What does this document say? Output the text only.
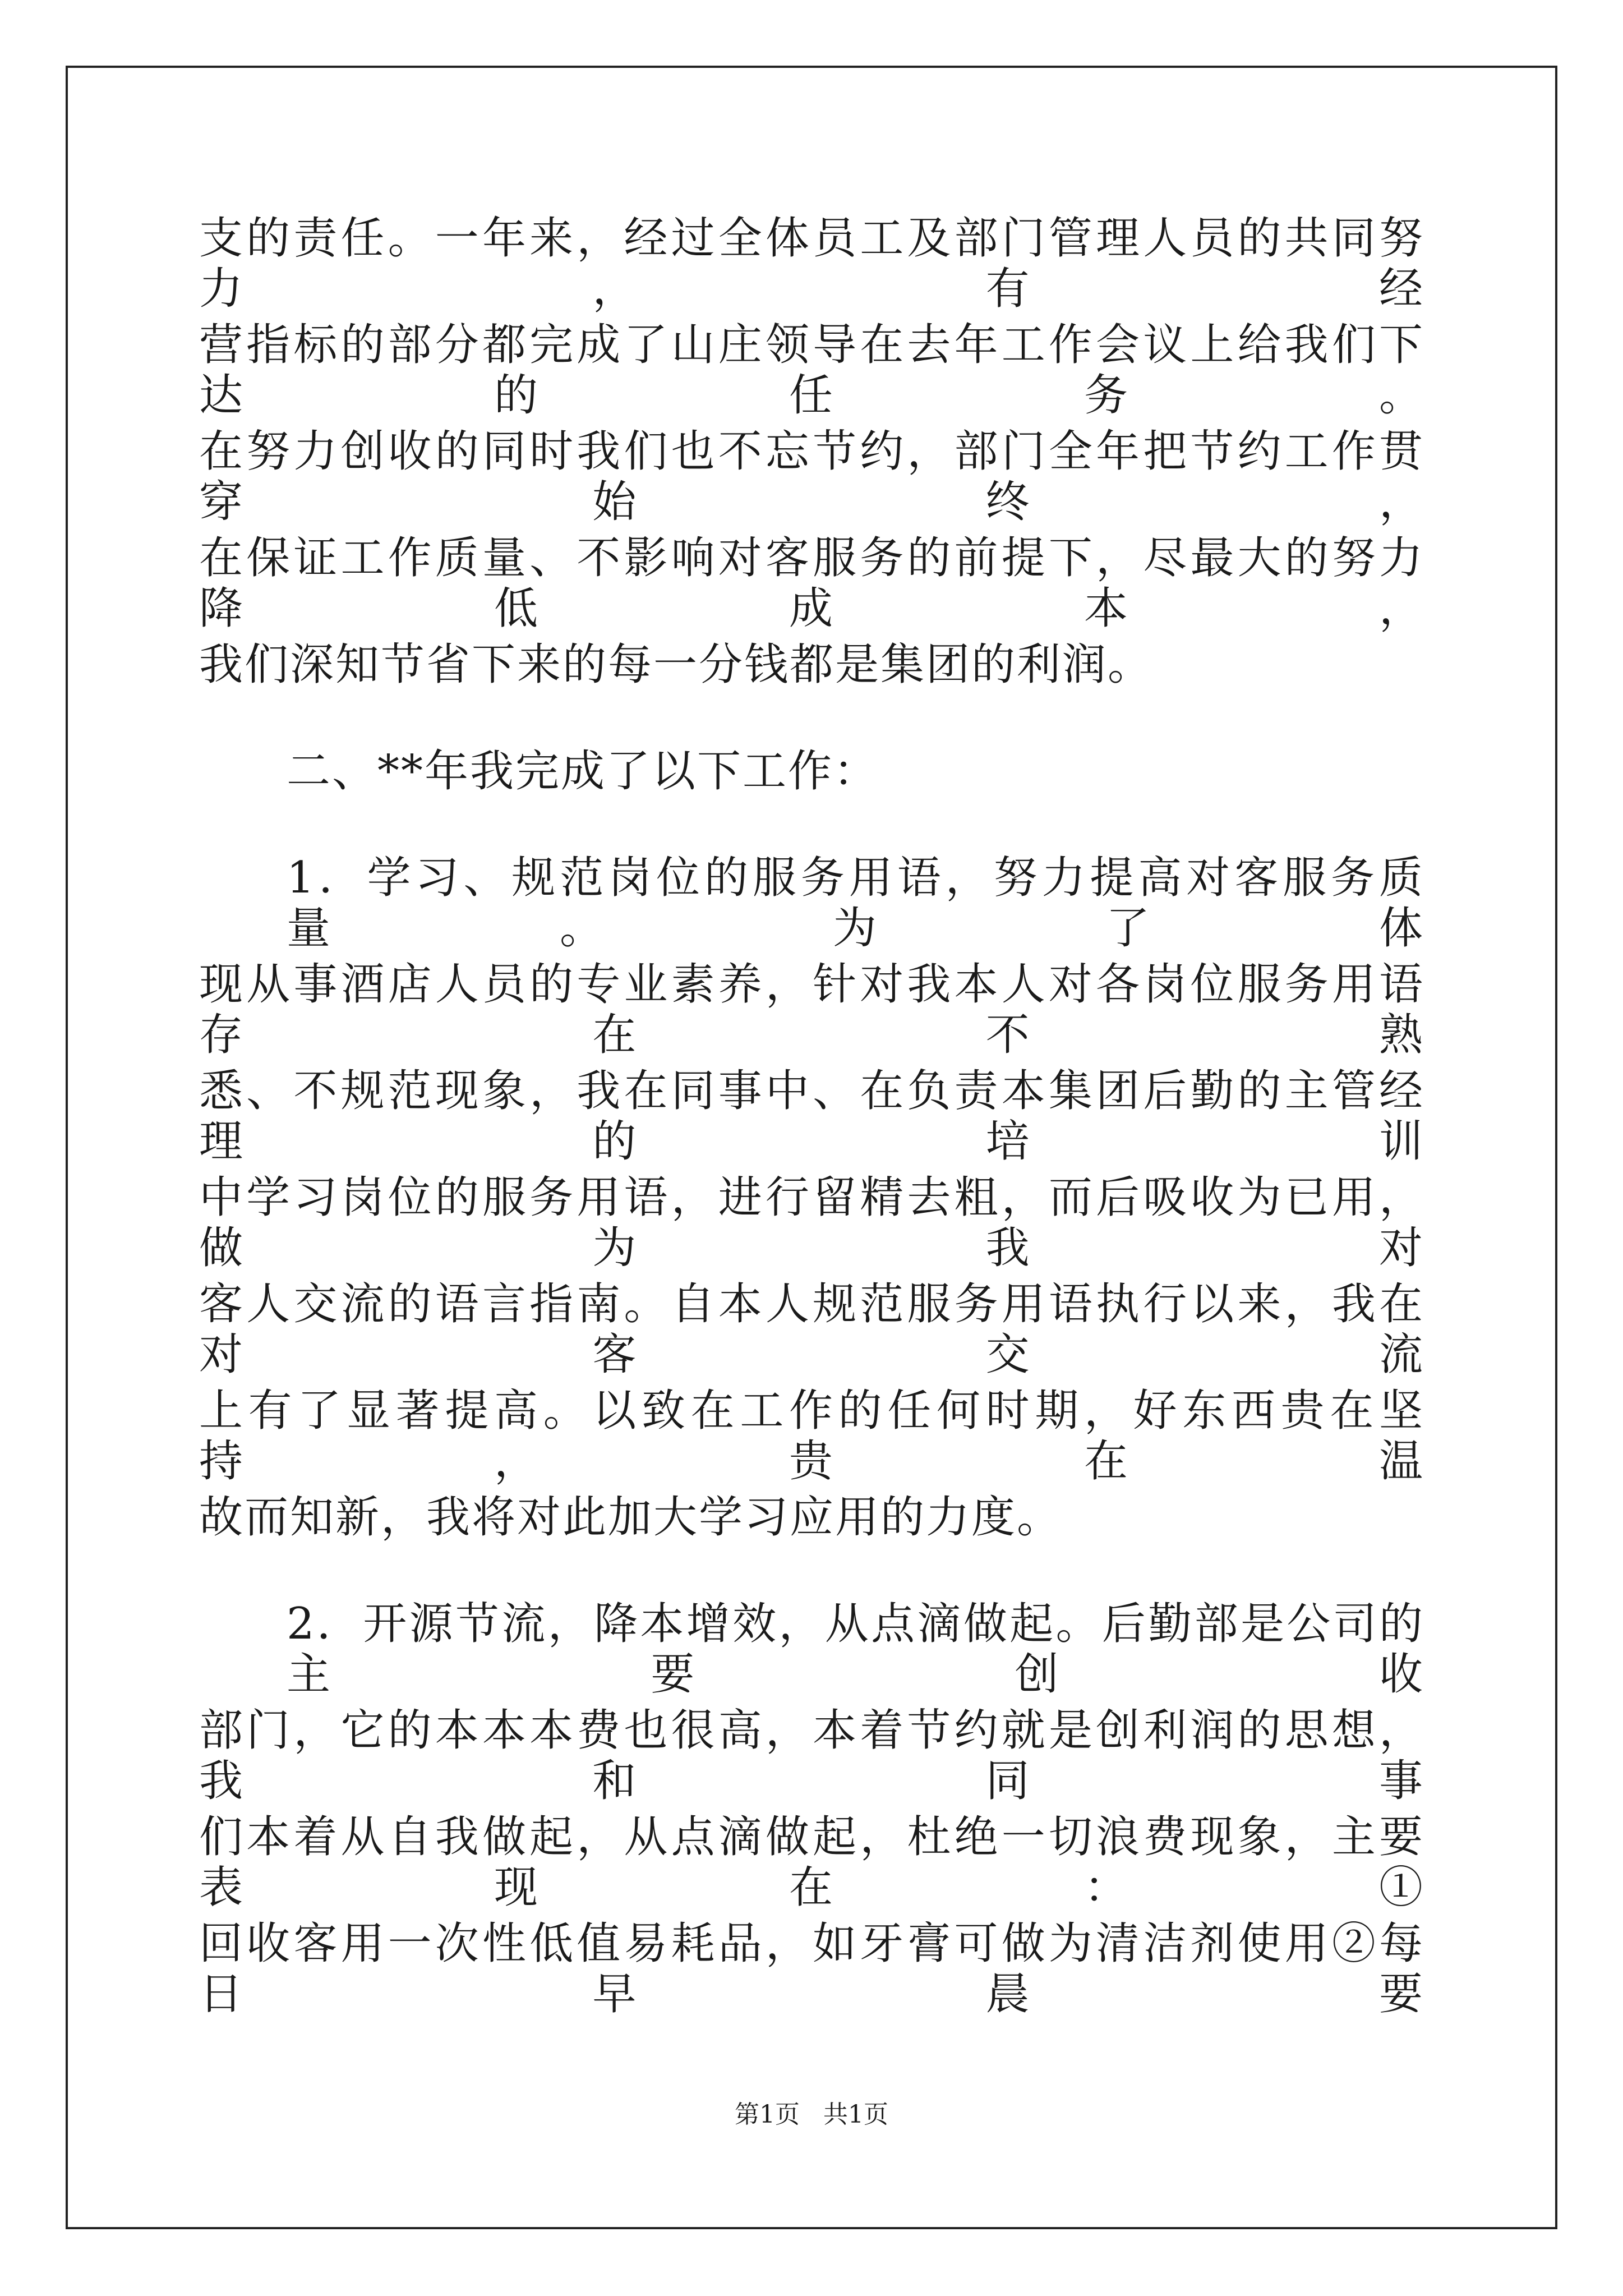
支的责任。一年来，经过全体员工及部门管理人员的共同努力，有经
营指标的部分都完成了山庄领导在去年工作会议上给我们下达的任务。
在努力创收的同时我们也不忘节约，部门全年把节约工作贯穿始终，
在保证工作质量、不影响对客服务的前提下，尽最大的努力降低成本，
我们深知节省下来的每一分钱都是集团的利润。
二、**年我完成了以下工作：
1．学习、规范岗位的服务用语，努力提高对客服务质量。为了体
现从事酒店人员的专业素养，针对我本人对各岗位服务用语存在不熟
悉、不规范现象，我在同事中、在负责本集团后勤的主管经理的培训
中学习岗位的服务用语，进行留精去粗，而后吸收为已用，做为我对
客人交流的语言指南。自本人规范服务用语执行以来，我在对客交流
上有了显著提高。以致在工作的任何时期，好东西贵在坚持，贵在温
故而知新，我将对此加大学习应用的力度。
2．开源节流，降本增效，从点滴做起。后勤部是公司的主要创收
部门，它的本本本费也很高，本着节约就是创利润的思想，我和同事
们本着从自我做起，从点滴做起，杜绝一切浪费现象，主要表现在：①
回收客用一次性低值易耗品，如牙膏可做为清洁剂使用②每日早晨要
第1页   共1页
